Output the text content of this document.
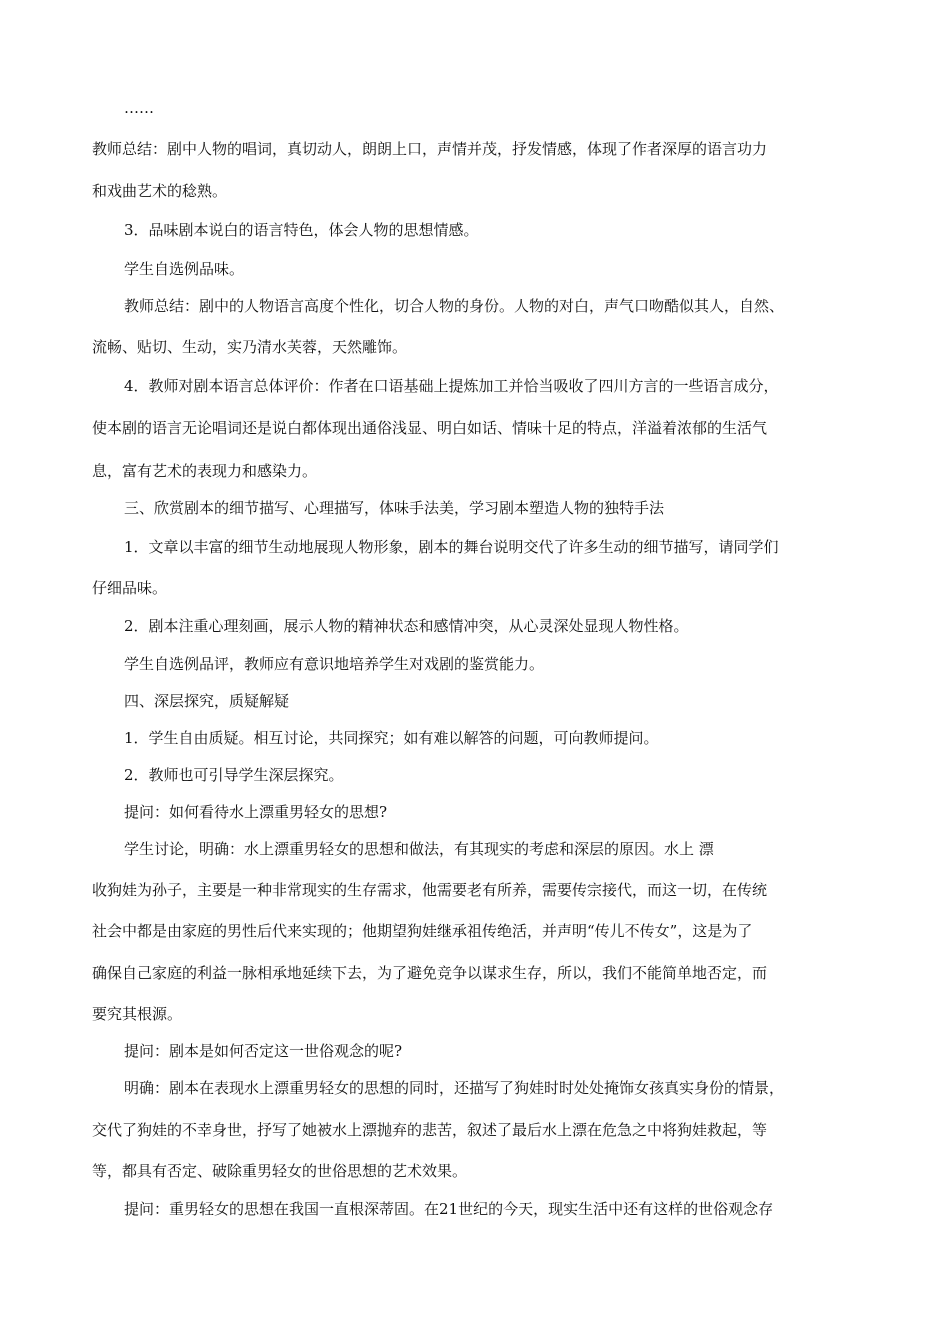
……
教师总结：剧中人物的唱词，真切动人，朗朗上口，声情并茂，抒发情感，体现了作者深厚的语言功力
和戏曲艺术的稔熟。
3．品味剧本说白的语言特色，体会人物的思想情感。
学生自选例品味。
教师总结：剧中的人物语言高度个性化，切合人物的身份。人物的对白，声气口吻酷似其人，自然、
流畅、贴切、生动，实乃清水芙蓉，天然雕饰。
4．教师对剧本语言总体评价：作者在口语基础上提炼加工并恰当吸收了四川方言的一些语言成分，
使本剧的语言无论唱词还是说白都体现出通俗浅显、明白如话、情味十足的特点，洋溢着浓郁的生活气
息，富有艺术的表现力和感染力。
三、欣赏剧本的细节描写、心理描写，体味手法美，学习剧本塑造人物的独特手法
1．文章以丰富的细节生动地展现人物形象，剧本的舞台说明交代了许多生动的细节描写，请同学们
仔细品味。
2．剧本注重心理刻画，展示人物的精神状态和感情冲突，从心灵深处显现人物性格。
学生自选例品评，教师应有意识地培养学生对戏剧的鉴赏能力。
四、深层探究，质疑解疑
1．学生自由质疑。相互讨论，共同探究；如有难以解答的问题，可向教师提问。
2．教师也可引导学生深层探究。
提问：如何看待水上漂重男轻女的思想?
学生讨论，明确：水上漂重男轻女的思想和做法，有其现实的考虑和深层的原因。水上 漂
收狗娃为孙子，主要是一种非常现实的生存需求，他需要老有所养，需要传宗接代，而这一切，在传统
社会中都是由家庭的男性后代来实现的；他期望狗娃继承祖传绝活，并声明“传儿不传女”，这是为了
确保自己家庭的利益一脉相承地延续下去，为了避免竞争以谋求生存，所以，我们不能简单地否定，而
要究其根源。
提问：剧本是如何否定这一世俗观念的呢?
明确：剧本在表现水上漂重男轻女的思想的同时，还描写了狗娃时时处处掩饰女孩真实身份的情景，
交代了狗娃的不幸身世，抒写了她被水上漂抛弃的悲苦，叙述了最后水上漂在危急之中将狗娃救起，等
等，都具有否定、破除重男轻女的世俗思想的艺术效果。
提问：重男轻女的思想在我国一直根深蒂固。在21世纪的今天，现实生活中还有这样的世俗观念存
